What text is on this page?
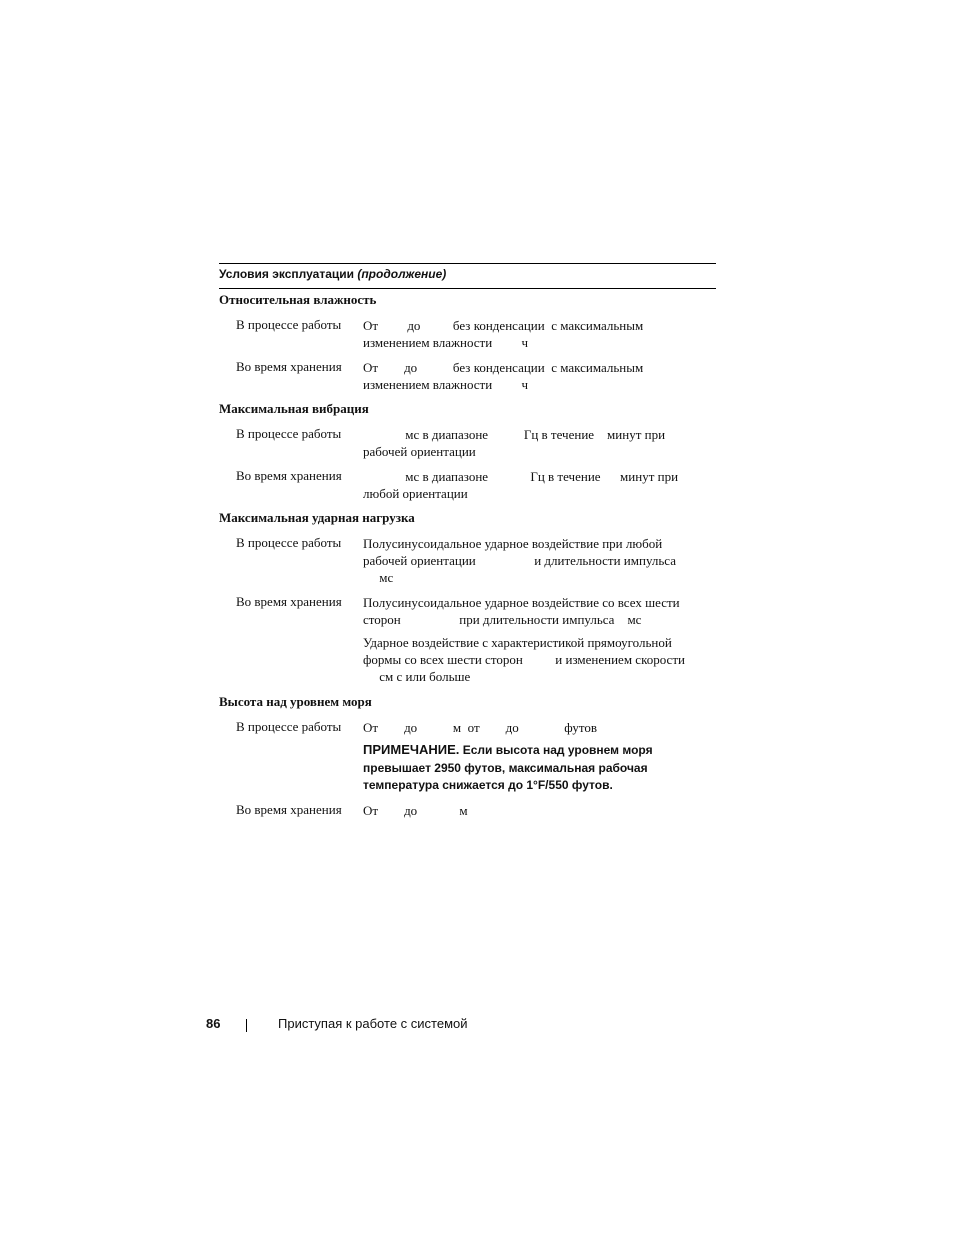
Условия эксплуатации (продолжение)
Относительная влажность
В процессе работы От         до          без конденсации  с максимальным
изменением влажности         ч
Во время хранения От        до           без конденсации  с максимальным
изменением влажности         ч
Максимальная вибрация
В процессе работы мс в диапазоне           Гц в течение    минут при
рабочей ориентации
Во время хранения мс в диапазоне             Гц в течение      минут при
любой ориентации
Максимальная ударная нагрузка
В процессе работы Полусинусоидальное ударное воздействие при любой
рабочей ориентации                  и длительности импульса
мс
Во время хранения Полусинусоидальное ударное воздействие со всех шести
сторон                  при длительности импульса    мс
Ударное воздействие с характеристикой прямоугольной
формы со всех шести сторон          и изменением скорости
см с или больше
Высота над уровнем моря
В процессе работы От        до           м  от        до              футов
ПРИМЕЧАНИЕ. Если высота над уровнем моря превышает 2950 футов, максимальная рабочая температура снижается до 1°F/550 футов.
Во время хранения От        до             м
86	Приступая к работе с системой
